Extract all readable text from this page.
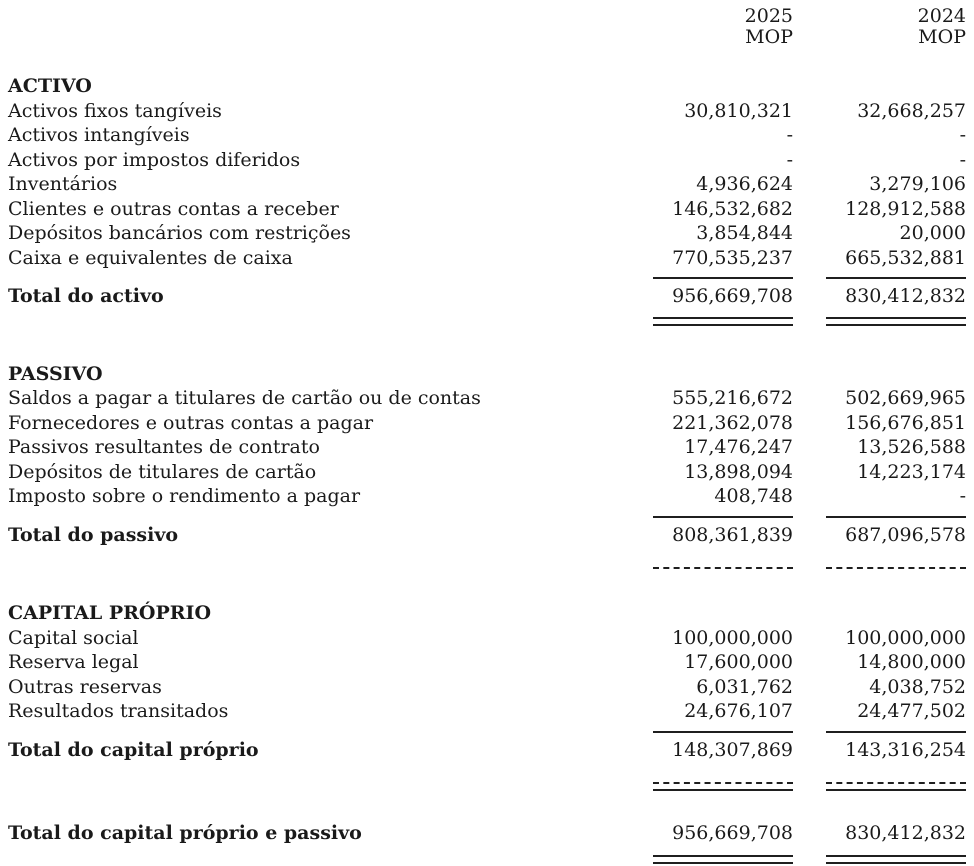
2025	2024
MOP	MOP
ACTIVO
Activos fixos tangíveis	30,810,321	32,668,257
Activos intangíveis	-	-
Activos por impostos diferidos	-	-
Inventários	4,936,624	3,279,106
Clientes e outras contas a receber	146,532,682	128,912,588
Depósitos bancários com restrições	3,854,844	20,000
Caixa e equivalentes de caixa	770,535,237	665,532,881
Total do activo	956,669,708	830,412,832
PASSIVO
Saldos a pagar a titulares de cartão ou de contas	555,216,672	502,669,965
Fornecedores e outras contas a pagar	221,362,078	156,676,851
Passivos resultantes de contrato	17,476,247	13,526,588
Depósitos de titulares de cartão	13,898,094	14,223,174
Imposto sobre o rendimento a pagar	408,748	-
Total do passivo	808,361,839	687,096,578
CAPITAL PRÓPRIO
Capital social	100,000,000	100,000,000
Reserva legal	17,600,000	14,800,000
Outras reservas	6,031,762	4,038,752
Resultados transitados	24,676,107	24,477,502
Total do capital próprio	148,307,869	143,316,254
Total do capital próprio e passivo	956,669,708	830,412,832
